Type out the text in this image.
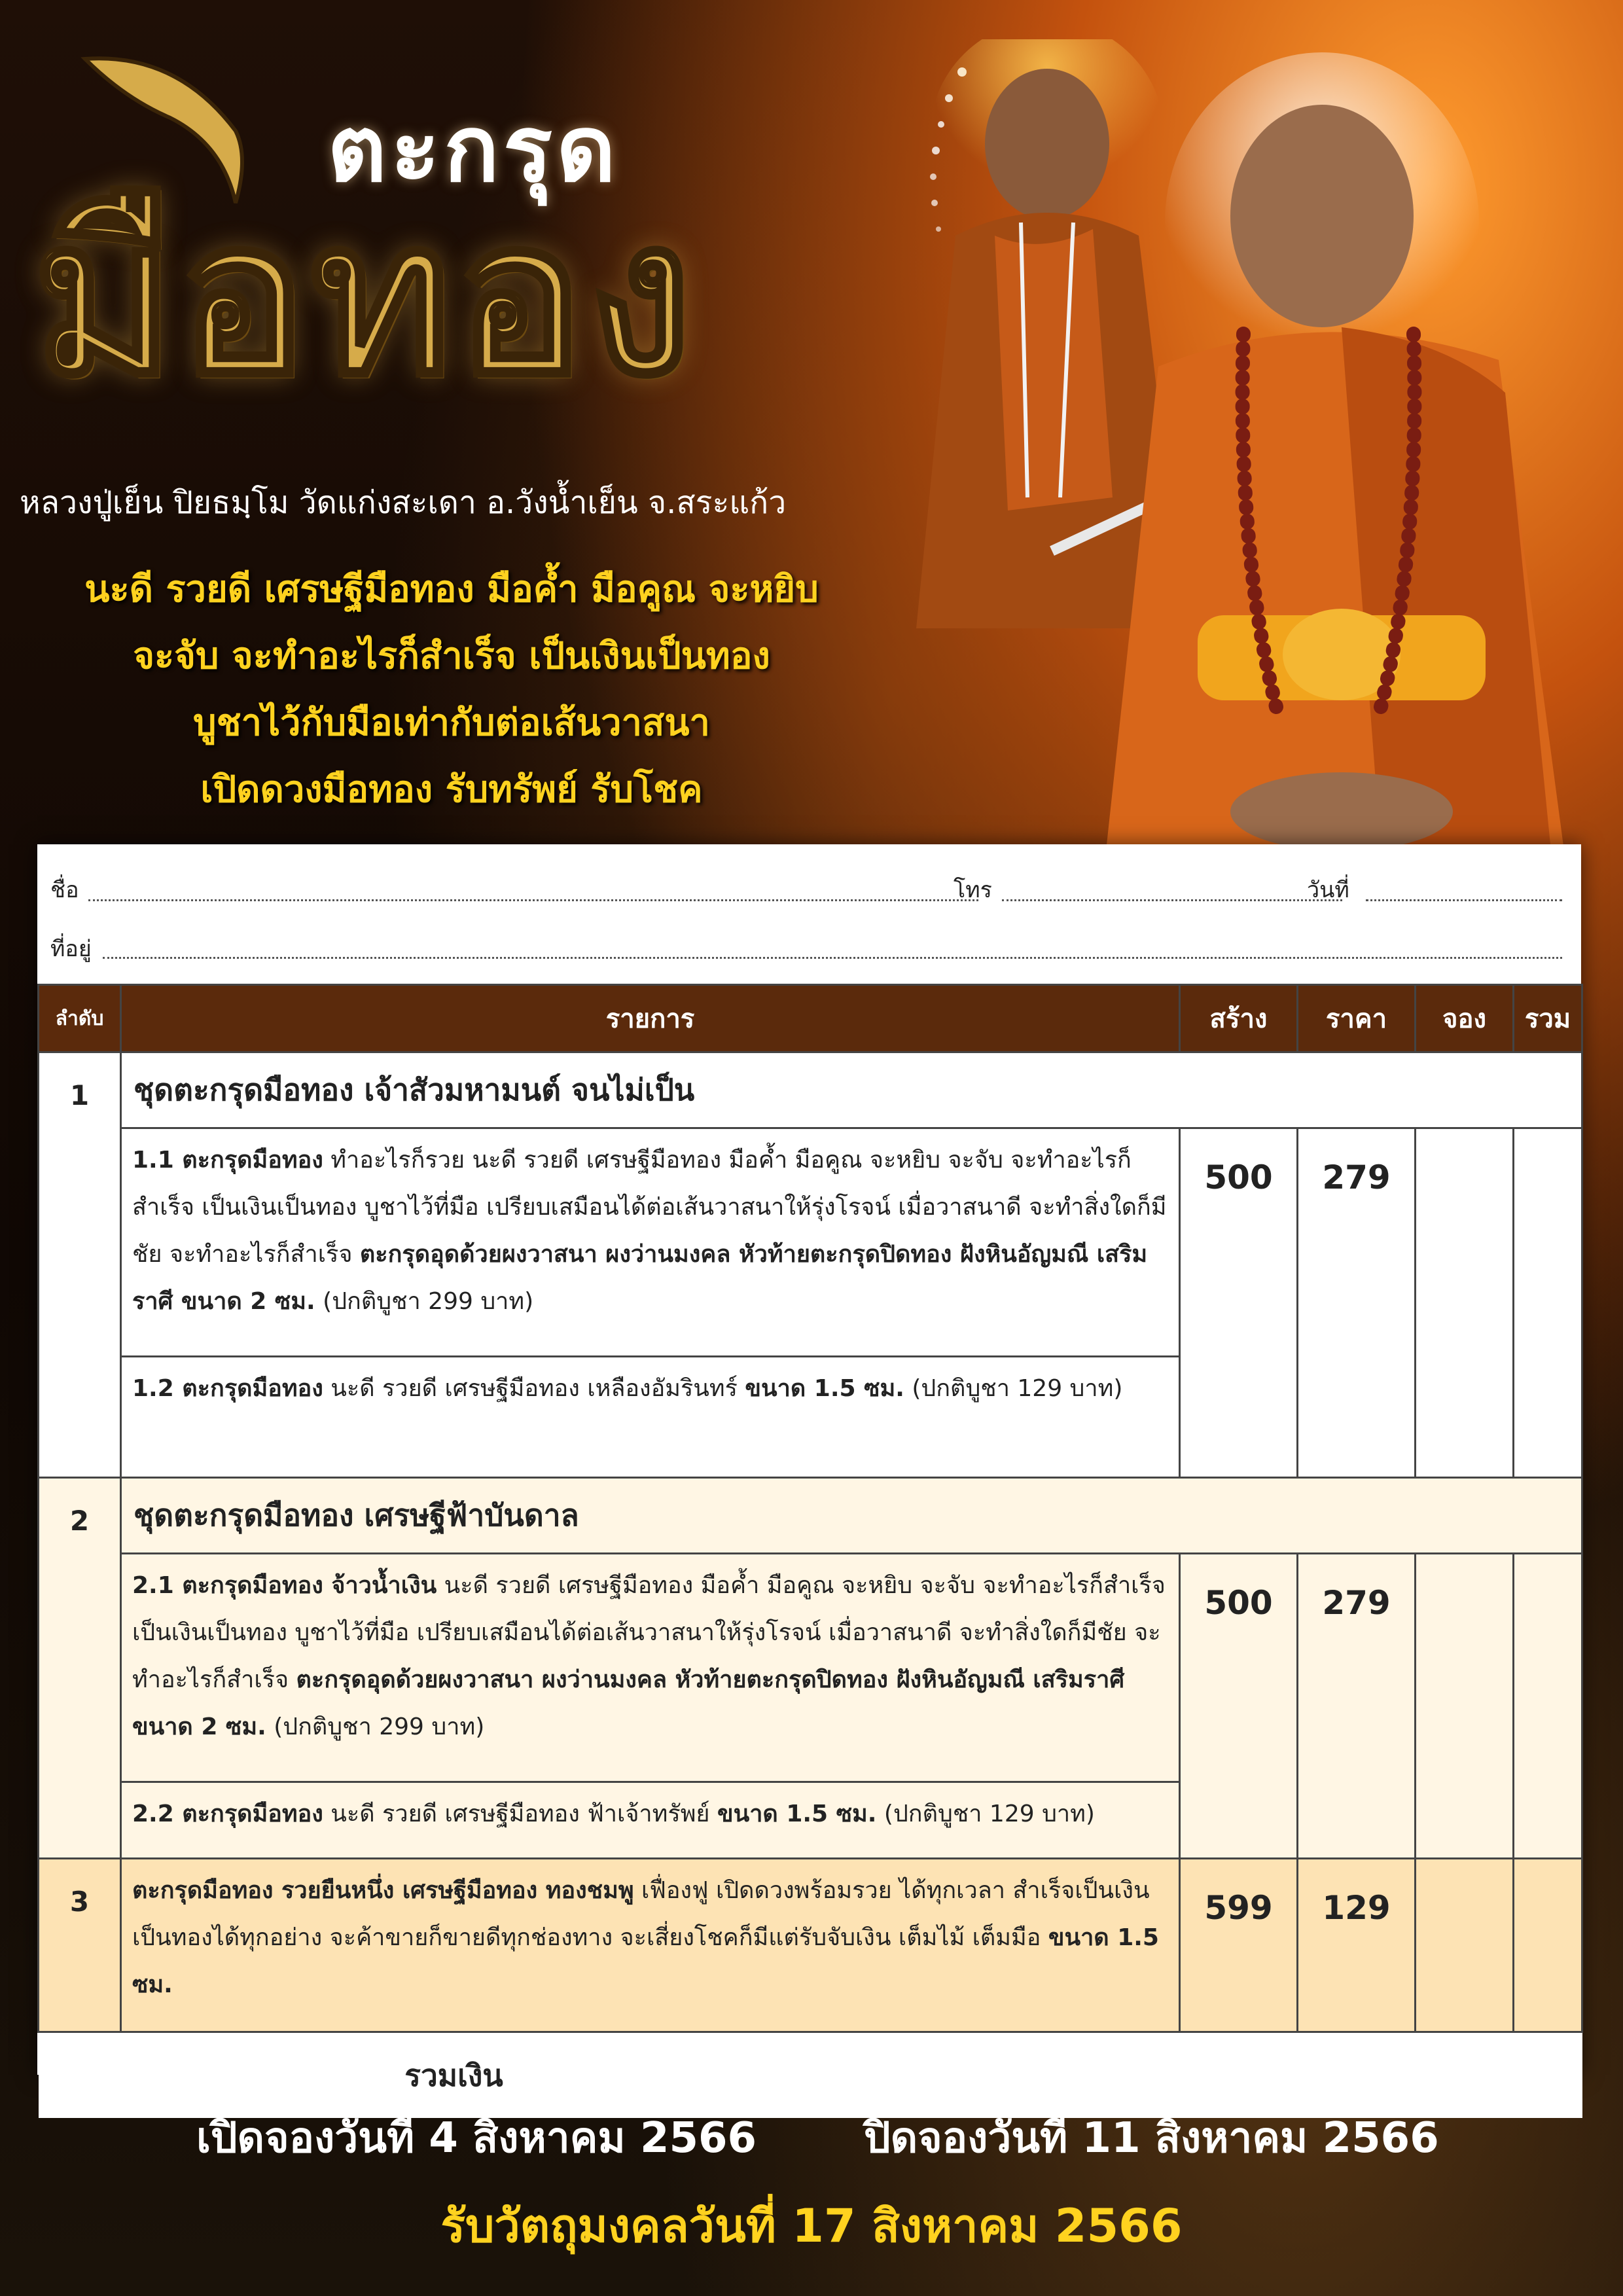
ตะกรุด
มือทอง
หลวงปู่เย็น ปิยธมฺโม วัดแก่งสะเดา อ.วังน้ำเย็น จ.สระแก้ว
นะดี รวยดี เศรษฐีมือทอง มือค้ำ มือคูณ จะหยิบ
จะจับ จะทำอะไรก็สำเร็จ เป็นเงินเป็นทอง
บูชาไว้กับมือเท่ากับต่อเส้นวาสนา
เปิดดวงมือทอง รับทรัพย์ รับโชค
ชื่อ	โทร	วันที่
ที่อยู่
ลำดับ	รายการ	สร้าง	ราคา	จอง	รวม
1	ชุดตะกรุดมือทอง เจ้าสัวมหามนต์ จนไม่เป็น				
	1.1 ตะกรุดมือทอง ทำอะไรก็รวย นะดี รวยดี เศรษฐีมือทอง มือค้ำ มือคูณ จะหยิบ จะจับ จะทำอะไรก็สำเร็จ เป็นเงินเป็นทอง บูชาไว้ที่มือ เปรียบเสมือนได้ต่อเส้นวาสนาให้รุ่งโรจน์ เมื่อวาสนาดี จะทำสิ่งใดก็มีชัย จะทำอะไรก็สำเร็จ ตะกรุดอุดด้วยผงวาสนา ผงว่านมงคล หัวท้ายตะกรุดปิดทอง ฝังหินอัญมณี เสริมราศี ขนาด 2 ซม. (ปกติบูชา 299 บาท)	500	279		
	1.2 ตะกรุดมือทอง นะดี รวยดี เศรษฐีมือทอง เหลืองอัมรินทร์ ขนาด 1.5 ซม. (ปกติบูชา 129 บาท)				
2	ชุดตะกรุดมือทอง เศรษฐีฟ้าบันดาล				
	2.1 ตะกรุดมือทอง จ้าวน้ำเงิน นะดี รวยดี เศรษฐีมือทอง มือค้ำ มือคูณ จะหยิบ จะจับ จะทำอะไรก็สำเร็จ เป็นเงินเป็นทอง บูชาไว้ที่มือ เปรียบเสมือนได้ต่อเส้นวาสนาให้รุ่งโรจน์ เมื่อวาสนาดี จะทำสิ่งใดก็มีชัย จะทำอะไรก็สำเร็จ ตะกรุดอุดด้วยผงวาสนา ผงว่านมงคล หัวท้ายตะกรุดปิดทอง ฝังหินอัญมณี เสริมราศี ขนาด 2 ซม. (ปกติบูชา 299 บาท)	500	279		
	2.2 ตะกรุดมือทอง นะดี รวยดี เศรษฐีมือทอง ฟ้าเจ้าทรัพย์ ขนาด 1.5 ซม. (ปกติบูชา 129 บาท)				
3	ตะกรุดมือทอง รวยยืนหนึ่ง เศรษฐีมือทอง ทองชมพู เฟื่องฟู เปิดดวงพร้อมรวย ได้ทุกเวลา สำเร็จเป็นเงินเป็นทองได้ทุกอย่าง จะค้าขายก็ขายดีทุกช่องทาง จะเสี่ยงโชคก็มีแต่รับจับเงิน เต็มไม้ เต็มมือ ขนาด 1.5 ซม.	599	129		

รวมเงิน					
เปิดจองวันที่ 4 สิงหาคม 2566	ปิดจองวันที่ 11 สิงหาคม 2566
รับวัตถุมงคลวันที่ 17 สิงหาคม 2566
